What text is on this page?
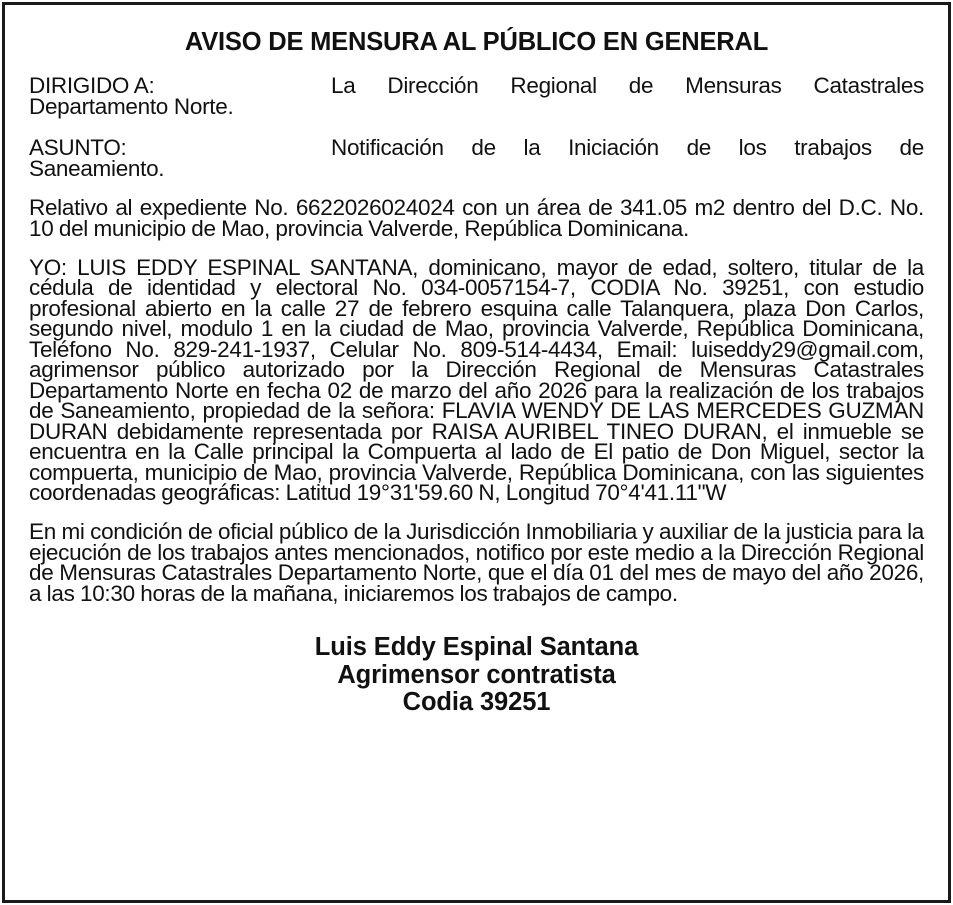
AVISO DE MENSURA AL PÚBLICO EN GENERAL
DIRIGIDO A:	La Dirección Regional de Mensuras Catastrales
Departamento Norte.
ASUNTO:	Notificación de la Iniciación de los trabajos de
Saneamiento.

Relativo al expediente No. 6622026024024 con un área de 341.05 m2 dentro del D.C. No. 10 del municipio de Mao, provincia Valverde, República Dominicana.

YO: LUIS EDDY ESPINAL SANTANA, dominicano, mayor de edad, soltero, titular de la cédula de identidad y electoral No. 034-0057154-7, CODIA No. 39251, con estudio profesional abierto en la calle 27 de febrero esquina calle Talanquera, plaza Don Carlos, segundo nivel, modulo 1 en la ciudad de Mao, provincia Valverde, República Dominicana, Teléfono No. 829-241-1937, Celular No. 809-514-4434, Email: luiseddy29@gmail.com, agrimensor público autorizado por la Dirección Regional de Mensuras Catastrales Departamento Norte en fecha 02 de marzo del año 2026 para la realización de los trabajos de Saneamiento, propiedad de la señora: FLAVIA WENDY DE LAS MERCEDES GUZMAN DURAN debidamente representada por RAISA AURIBEL TINEO DURAN, el inmueble se encuentra en la Calle principal la Compuerta al lado de El patio de Don Miguel, sector la compuerta, municipio de Mao, provincia Valverde, República Dominicana, con las siguientes coordenadas geográficas: Latitud 19°31'59.60 N, Longitud 70°4'41.11"W

En mi condición de oficial público de la Jurisdicción Inmobiliaria y auxiliar de la justicia para la ejecución de los trabajos antes mencionados, notifico por este medio a la Dirección Regional de Mensuras Catastrales Departamento Norte, que el día 01 del mes de mayo del año 2026, a las 10:30 horas de la mañana, iniciaremos los trabajos de campo.

Luis Eddy Espinal Santana
Agrimensor contratista
Codia 39251
